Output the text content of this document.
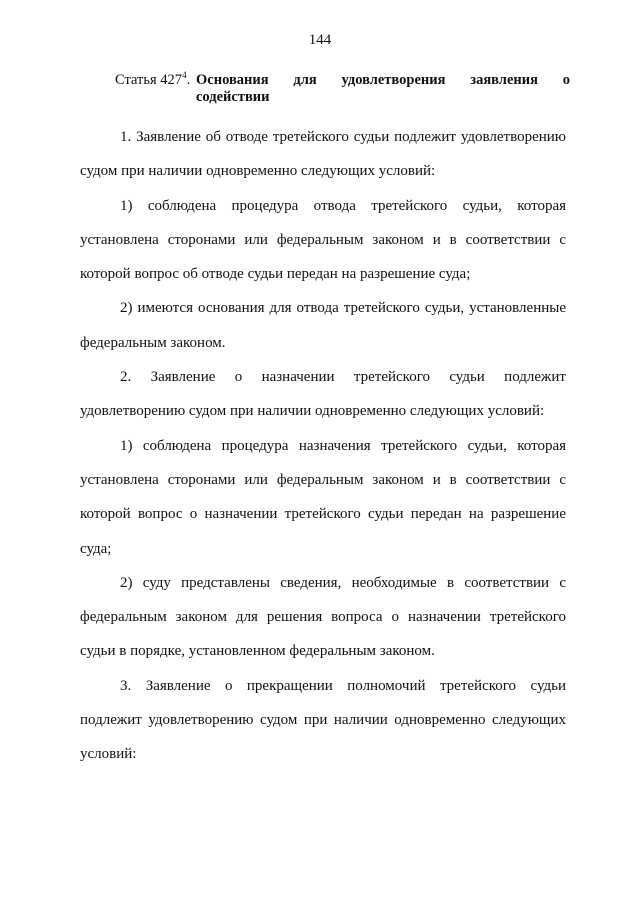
144
Статья $427^4$. Основания для удовлетворения заявления о
содействии

1. Заявление об отводе третейского судьи подлежит удовлетворению судом при наличии одновременно следующих условий:

1) соблюдена процедура отвода третейского судьи, которая установлена сторонами или федеральным законом и в соответствии с которой вопрос об отводе судьи передан на разрешение суда;

2) имеются основания для отвода третейского судьи, установленные федеральным законом.

2. Заявление о назначении третейского судьи подлежит удовлетворению судом при наличии одновременно следующих условий:

1) соблюдена процедура назначения третейского судьи, которая установлена сторонами или федеральным законом и в соответствии с которой вопрос о назначении третейского судьи передан на разрешение суда;

2) суду представлены сведения, необходимые в соответствии с федеральным законом для решения вопроса о назначении третейского судьи в порядке, установленном федеральным законом.

3. Заявление о прекращении полномочий третейского судьи подлежит удовлетворению судом при наличии одновременно следующих условий:
